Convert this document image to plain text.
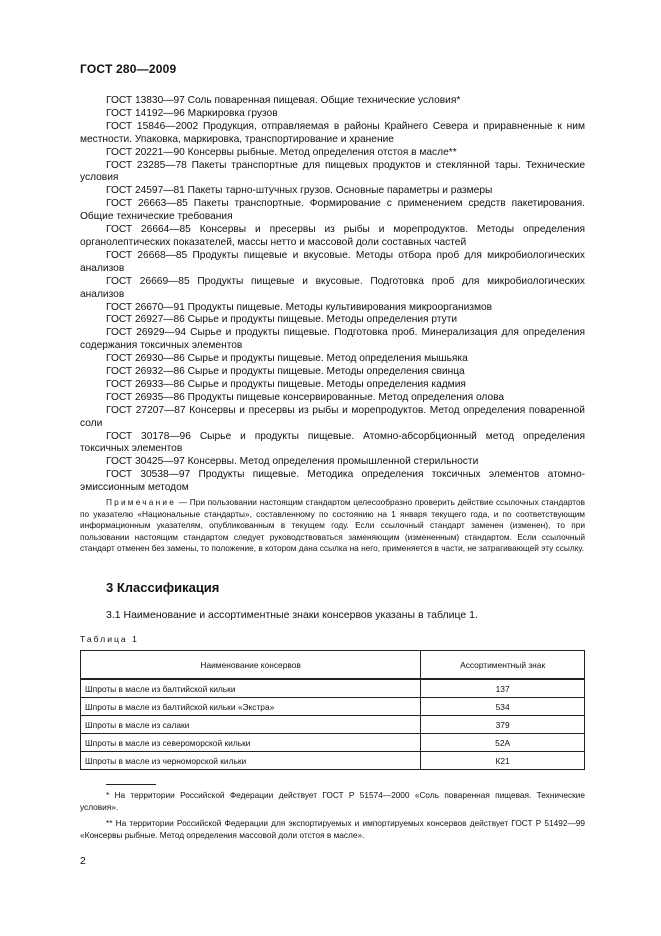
ГОСТ 280—2009
ГОСТ 13830—97 Соль поваренная пищевая. Общие технические условия*
ГОСТ 14192—96 Маркировка грузов
ГОСТ 15846—2002 Продукция, отправляемая в районы Крайнего Севера и приравненные к ним местности. Упаковка, маркировка, транспортирование и хранение
ГОСТ 20221—90 Консервы рыбные. Метод определения отстоя в масле**
ГОСТ 23285—78 Пакеты транспортные для пищевых продуктов и стеклянной тары. Технические условия
ГОСТ 24597—81 Пакеты тарно-штучных грузов. Основные параметры и размеры
ГОСТ 26663—85 Пакеты транспортные. Формирование с применением средств пакетирования. Общие технические требования
ГОСТ 26664—85 Консервы и пресервы из рыбы и морепродуктов. Методы определения органолептических показателей, массы нетто и массовой доли составных частей
ГОСТ 26668—85 Продукты пищевые и вкусовые. Методы отбора проб для микробиологических анализов
ГОСТ 26669—85 Продукты пищевые и вкусовые. Подготовка проб для микробиологических анализов
ГОСТ 26670—91 Продукты пищевые. Методы культивирования микроорганизмов
ГОСТ 26927—86 Сырье и продукты пищевые. Методы определения ртути
ГОСТ 26929—94 Сырье и продукты пищевые. Подготовка проб. Минерализация для определения содержания токсичных элементов
ГОСТ 26930—86 Сырье и продукты пищевые. Метод определения мышьяка
ГОСТ 26932—86 Сырье и продукты пищевые. Методы определения свинца
ГОСТ 26933—86 Сырье и продукты пищевые. Методы определения кадмия
ГОСТ 26935—86 Продукты пищевые консервированные. Метод определения олова
ГОСТ 27207—87 Консервы и пресервы из рыбы и морепродуктов. Метод определения поваренной соли
ГОСТ 30178—96 Сырье и продукты пищевые. Атомно-абсорбционный метод определения токсичных элементов
ГОСТ 30425—97 Консервы. Метод определения промышленной стерильности
ГОСТ 30538—97 Продукты пищевые. Методика определения токсичных элементов атомно-эмиссионным методом
Примечание — При пользовании настоящим стандартом целесообразно проверить действие ссылочных стандартов по указателю «Национальные стандарты», составленному по состоянию на 1 января текущего года, и по соответствующим информационным указателям, опубликованным в текущем году. Если ссылочный стандарт заменен (изменен), то при пользовании настоящим стандартом следует руководствоваться заменяющим (измененным) стандартом. Если ссылочный стандарт отменен без замены, то положение, в котором дана ссылка на него, применяется в части, не затрагивающей эту ссылку.
3 Классификация
3.1 Наименование и ассортиментные знаки консервов указаны в таблице 1.
Таблица 1
Наименование консервов	Ассортиментный знак
Шпроты в масле из балтийской кильки	137
Шпроты в масле из балтийской кильки «Экстра»	534
Шпроты в масле из салаки	379
Шпроты в масле из североморской кильки	52А
Шпроты в масле из черноморской кильки	К21
* На территории Российской Федерации действует ГОСТ Р 51574—2000 «Соль поваренная пищевая. Технические условия».
** На территории Российской Федерации для экспортируемых и импортируемых консервов действует ГОСТ Р 51492—99 «Консервы рыбные. Метод определения массовой доли отстоя в масле».
2
